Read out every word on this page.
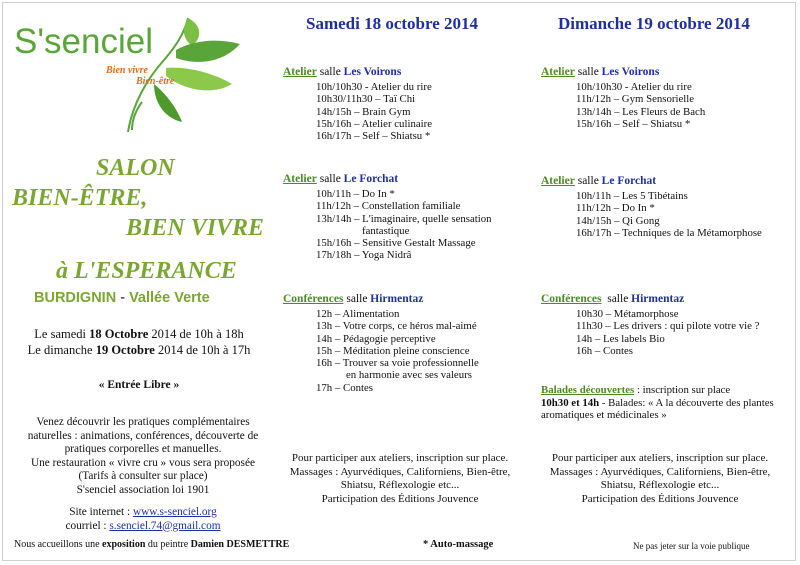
S'senciel
Bien vivre
Bien-être
SALON
BIEN-ÊTRE,
BIEN VIVRE
à L'ESPERANCE
BURDIGNIN - Vallée Verte
Le samedi 18 Octobre 2014 de 10h à 18h
Le dimanche 19 Octobre 2014 de 10h à 17h
« Entrée Libre »
Venez découvrir les pratiques complémentaires
naturelles : animations, conférences, découverte de
pratiques corporelles et manuelles.
Une restauration « vivre cru » vous sera proposée
(Tarifs à consulter sur place)
S'senciel association loi 1901
Site internet : www.s-senciel.org
courriel : s.senciel.74@gmail.com
Nous accueillons une exposition du peintre Damien DESMETTRE	* Auto-massage	Ne pas jeter sur la voie publique
Samedi 18 octobre 2014
Atelier salle Les Voirons
10h/10h30 - Atelier du rire
10h30/11h30 – Taï Chi
14h/15h – Brain Gym
15h/16h – Atelier culinaire
16h/17h – Self – Shiatsu *
Atelier salle Le Forchat
10h/11h – Do In *
11h/12h – Constellation familiale
13h/14h – L'imaginaire, quelle sensation
fantastique
15h/16h – Sensitive Gestalt Massage
17h/18h – Yoga Nidrâ
Conférences salle Hirmentaz
12h – Alimentation
13h – Votre corps, ce héros mal-aimé
14h – Pédagogie perceptive
15h – Méditation pleine conscience
16h – Trouver sa voie professionnelle
en harmonie avec ses valeurs
17h – Contes
Pour participer aux ateliers, inscription sur place.
Massages : Ayurvédiques, Californiens, Bien-être,
Shiatsu, Réflexologie etc...
Participation des Éditions Jouvence
Dimanche 19 octobre 2014
Atelier salle Les Voirons
10h/10h30 - Atelier du rire
11h/12h – Gym Sensorielle
13h/14h – Les Fleurs de Bach
15h/16h – Self – Shiatsu *
Atelier salle Le Forchat
10h/11h – Les 5 Tibétains
11h/12h – Do In *
14h/15h – Qi Gong
16h/17h – Techniques de la Métamorphose
Conférences  salle Hirmentaz
10h30 – Métamorphose
11h30 – Les drivers : qui pilote votre vie ?
14h – Les labels Bio
16h – Contes
Balades découvertes : inscription sur place
10h30 et 14h - Balades: « A la découverte des plantes
aromatiques et médicinales »
Pour participer aux ateliers, inscription sur place.
Massages : Ayurvédiques, Californiens, Bien-être,
Shiatsu, Réflexologie etc...
Participation des Éditions Jouvence
